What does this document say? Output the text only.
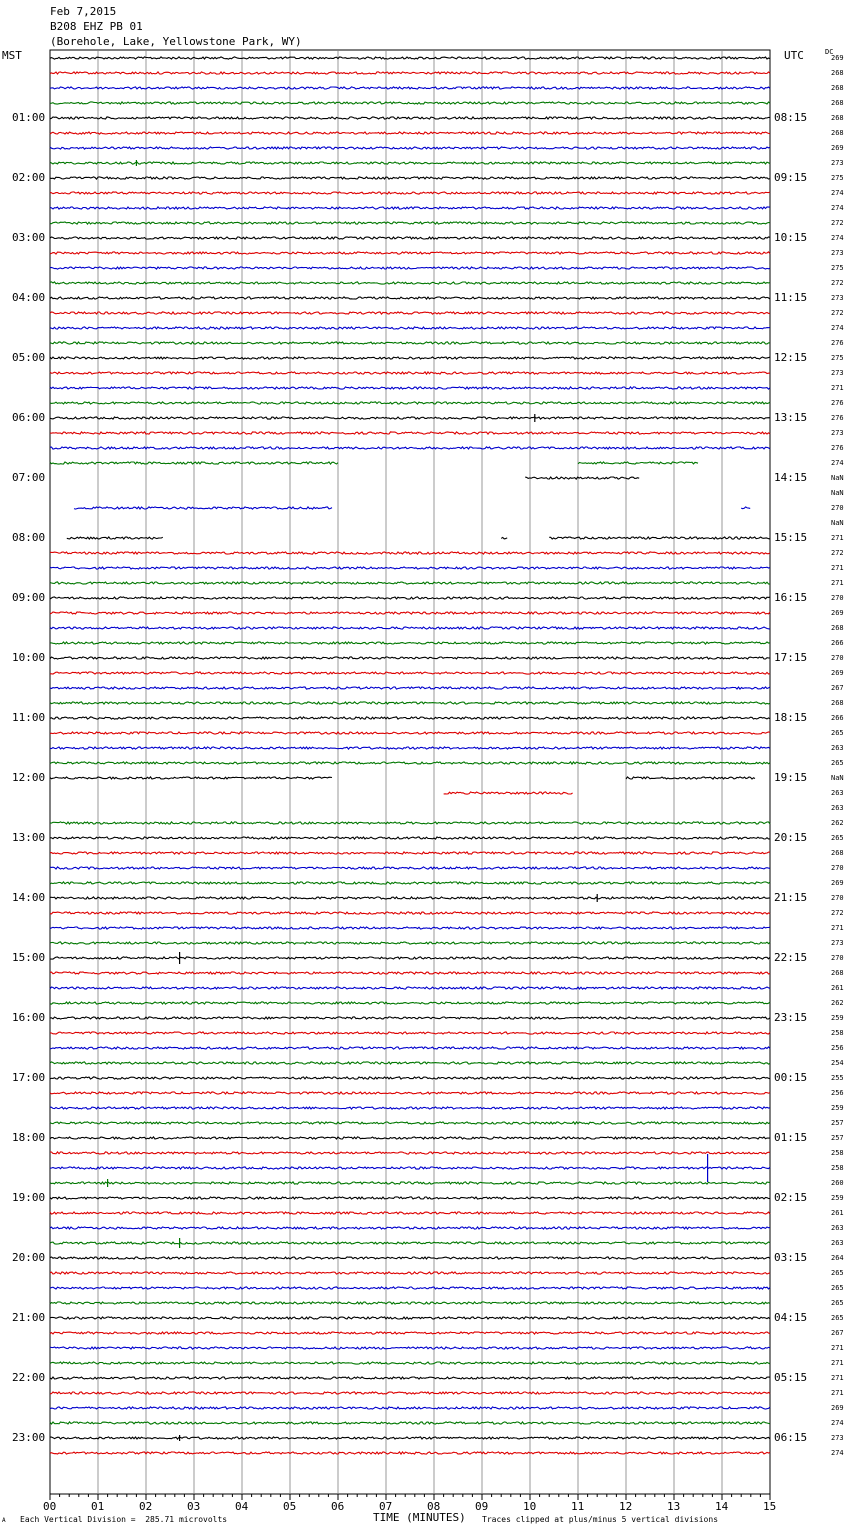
Feb 7,2015
B208 EHZ PB 01
(Borehole, Lake, Yellowstone Park, WY)
MST	UTC	DC
01:00
02:00
03:00
04:00
05:00
06:00
07:00
08:00
09:00
10:00
11:00
12:00
13:00
14:00
15:00
16:00
17:00
18:00
19:00
20:00
21:00
22:00
23:00
08:15
09:15
10:15
11:15
12:15
13:15
14:15
15:15
16:15
17:15
18:15
19:15
20:15
21:15
22:15
23:15
00:15
01:15
02:15
03:15
04:15
05:15
06:15
269
268
268
268
268
268
269
273
275
274
274
272
274
273
275
272
273
272
274
276
275
273
271
276
276
273
276
274
NaN
NaN
270
NaN
271
272
271
271
270
269
268
266
270
269
267
268
266
265
263
265
NaN
263
263
262
265
268
270
269
270
272
271
273
270
268
261
262
259
258
256
254
255
256
259
257
257
258
258
260
259
261
263
263
264
265
265
265
265
267
271
271
271
271
269
274
273
274
00	01	02	03	04	05	06	07	08	09	10	11	12	13	14	15
TIME (MINUTES)
A Each Vertical Division =  285.71 microvolts	Traces clipped at plus/minus 5 vertical divisions
